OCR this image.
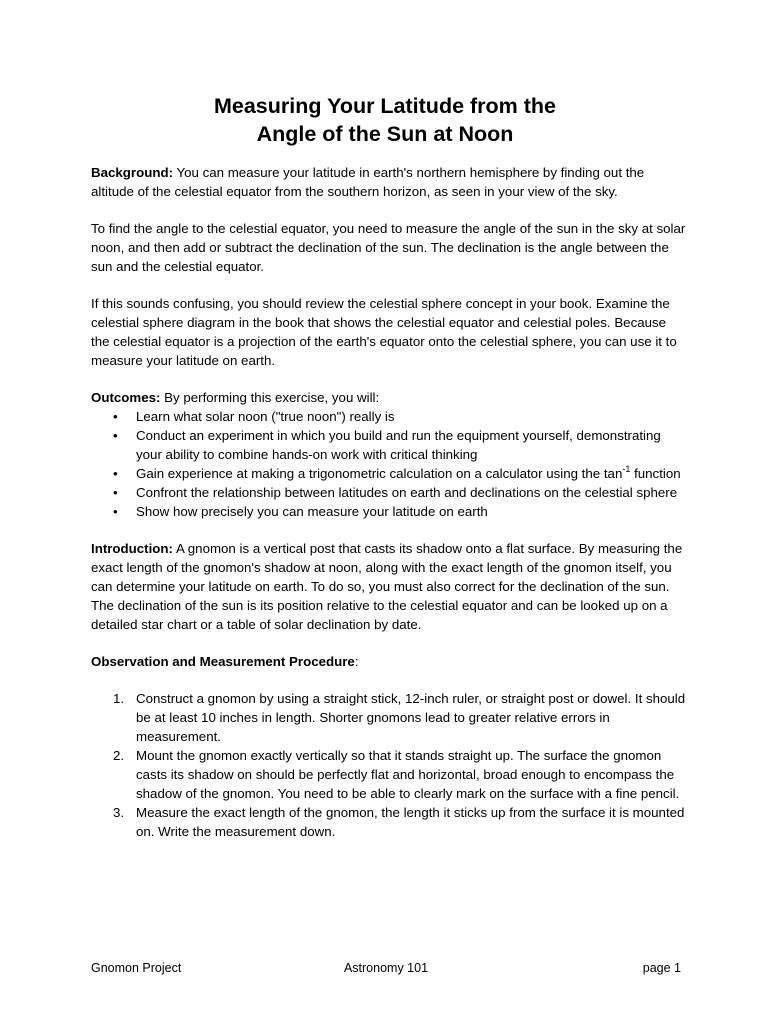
Measuring Your Latitude from the
Angle of the Sun at Noon

Background: You can measure your latitude in earth's northern hemisphere by finding out the altitude of the celestial equator from the southern horizon, as seen in your view of the sky.

To find the angle to the celestial equator, you need to measure the angle of the sun in the sky at solar noon, and then add or subtract the declination of the sun. The declination is the angle between the sun and the celestial equator.

If this sounds confusing, you should review the celestial sphere concept in your book. Examine the celestial sphere diagram in the book that shows the celestial equator and celestial poles. Because the celestial equator is a projection of the earth's equator onto the celestial sphere, you can use it to measure your latitude on earth.

Outcomes: By performing this exercise, you will:
• Learn what solar noon ("true noon") really is
• Conduct an experiment in which you build and run the equipment yourself, demonstrating your ability to combine hands-on work with critical thinking
• Gain experience at making a trigonometric calculation on a calculator using the $\tan^{-1}$ function
• Confront the relationship between latitudes on earth and declinations on the celestial sphere
• Show how precisely you can measure your latitude on earth

Introduction: A gnomon is a vertical post that casts its shadow onto a flat surface. By measuring the exact length of the gnomon's shadow at noon, along with the exact length of the gnomon itself, you can determine your latitude on earth. To do so, you must also correct for the declination of the sun. The declination of the sun is its position relative to the celestial equator and can be looked up on a detailed star chart or a table of solar declination by date.

Observation and Measurement Procedure:

1. Construct a gnomon by using a straight stick, 12-inch ruler, or straight post or dowel. It should be at least 10 inches in length. Shorter gnomons lead to greater relative errors in measurement.
2. Mount the gnomon exactly vertically so that it stands straight up. The surface the gnomon casts its shadow on should be perfectly flat and horizontal, broad enough to encompass the shadow of the gnomon. You need to be able to clearly mark on the surface with a fine pencil.
3. Measure the exact length of the gnomon, the length it sticks up from the surface it is mounted on. Write the measurement down.
Gnomon Project	Astronomy 101	page 1
